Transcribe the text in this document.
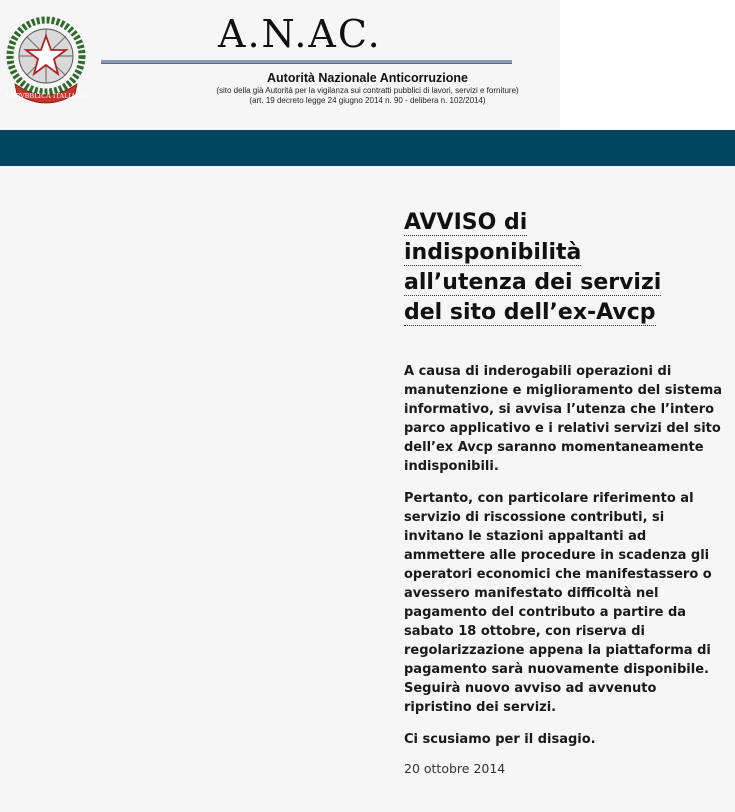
REPVBBLICA ITALIANA
A.N.AC.
Autorità Nazionale Anticorruzione
(sito della già Autorità per la vigilanza sui contratti pubblici di lavori, servizi e forniture)
(art. 19 decreto legge 24 giugno 2014 n. 90 - delibera n. 102/2014)
AVVISO di
indisponibilità
all’utenza dei servizi
del sito dell’ex-Avcp

A causa di inderogabili operazioni di manutenzione e miglioramento del sistema informativo, si avvisa l’utenza che l’intero parco applicativo e i relativi servizi del sito dell’ex Avcp saranno momentaneamente indisponibili.

Pertanto, con particolare riferimento al servizio di riscossione contributi, si invitano le stazioni appaltanti ad ammettere alle procedure in scadenza gli operatori economici che manifestassero o avessero manifestato difficoltà nel pagamento del contributo a partire da sabato 18 ottobre, con riserva di regolarizzazione appena la piattaforma di pagamento sarà nuovamente disponibile. Seguirà nuovo avviso ad avvenuto ripristino dei servizi.

Ci scusiamo per il disagio.

20 ottobre 2014
